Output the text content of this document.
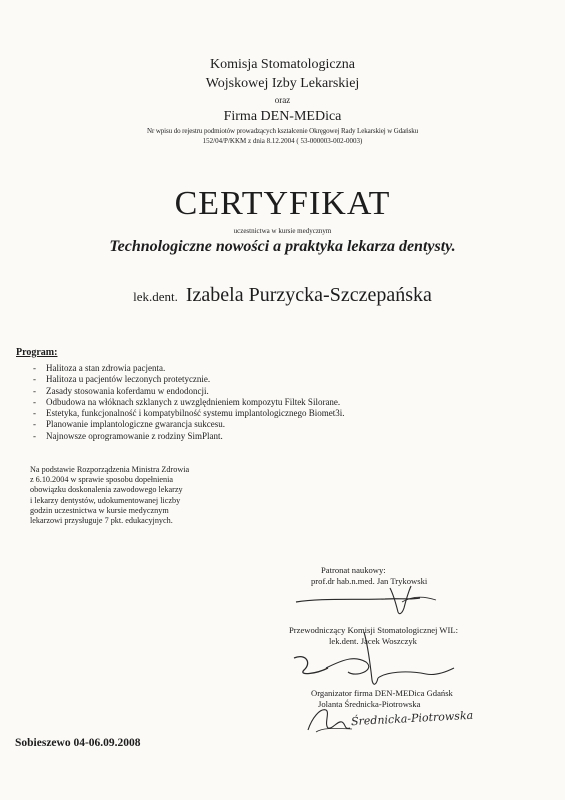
Komisja Stomatologiczna
Wojskowej Izby Lekarskiej
oraz
Firma DEN-MEDica
Nr wpisu do rejestru podmiotów prowadzących kształcenie Okręgowej Rady Lekarskiej w Gdańsku
152/04/P/KKM z dnia 8.12.2004 ( 53-000003-002-0003)
CERTYFIKAT
uczestnictwa w kursie medycznym
Technologiczne nowości a praktyka lekarza dentysty.
lek.dent. Izabela Purzycka-Szczepańska
Program:
- Halitoza a stan zdrowia pacjenta.
- Halitoza u pacjentów leczonych protetycznie.
- Zasady stosowania koferdamu w endodoncji.
- Odbudowa na włóknach szklanych z uwzględnieniem kompozytu Filtek Silorane.
- Estetyka, funkcjonalność i kompatybilność systemu implantologicznego Biomet3i.
- Planowanie implantologiczne gwarancja sukcesu.
- Najnowsze oprogramowanie z rodziny SimPlant.
Na podstawie Rozporządzenia Ministra Zdrowia
z 6.10.2004 w sprawie sposobu dopełnienia
obowiązku doskonalenia zawodowego lekarzy
i lekarzy dentystów, udokumentowanej liczby
godzin uczestnictwa w kursie medycznym
lekarzowi przysługuje 7 pkt. edukacyjnych.
Patronat naukowy:
prof.dr hab.n.med. Jan Trykowski
Przewodniczący Komisji Stomatologicznej WIL:
lek.dent. Jacek Woszczyk
Organizator firma DEN-MEDica Gdańsk
Jolanta Średnicka-Piotrowska
Średnicka-Piotrowska
Sobieszewo 04-06.09.2008
